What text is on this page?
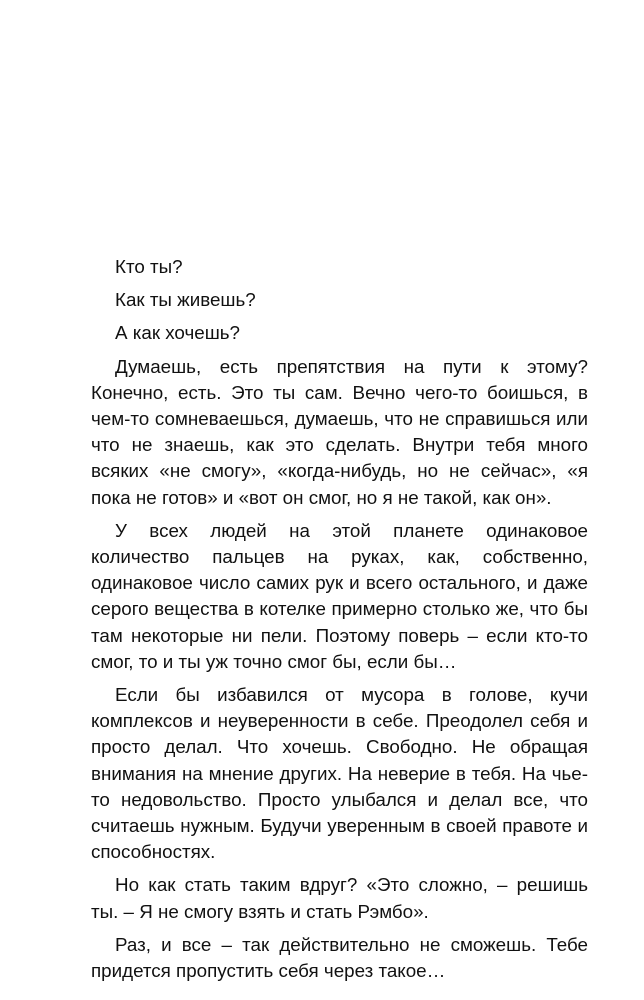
Кто ты?

Как ты живешь?

А как хочешь?

Думаешь, есть препятствия на пути к этому? Конечно, есть. Это ты сам. Вечно чего-то боишься, в чем-то сомневаешься, думаешь, что не справишься или что не знаешь, как это сделать. Внутри тебя много всяких «не смогу», «когда-нибудь, но не сейчас», «я пока не готов» и «вот он смог, но я не такой, как он».

У всех людей на этой планете одинаковое количество пальцев на руках, как, собственно, одинаковое число самих рук и всего остального, и даже серого вещества в котелке примерно столько же, что бы там некоторые ни пели. Поэтому поверь – если кто-то смог, то и ты уж точно смог бы, если бы…

Если бы избавился от мусора в голове, кучи комплексов и неуверенности в себе. Преодолел себя и просто делал. Что хочешь. Свободно. Не обращая внимания на мнение других. На неверие в тебя. На чье-то недовольство. Просто улыбался и делал все, что считаешь нужным. Будучи уверенным в своей правоте и способностях.

Но как стать таким вдруг? «Это сложно, – решишь ты. – Я не смогу взять и стать Рэмбо».

Раз, и все – так действительно не сможешь. Тебе придется пропустить себя через такое…
